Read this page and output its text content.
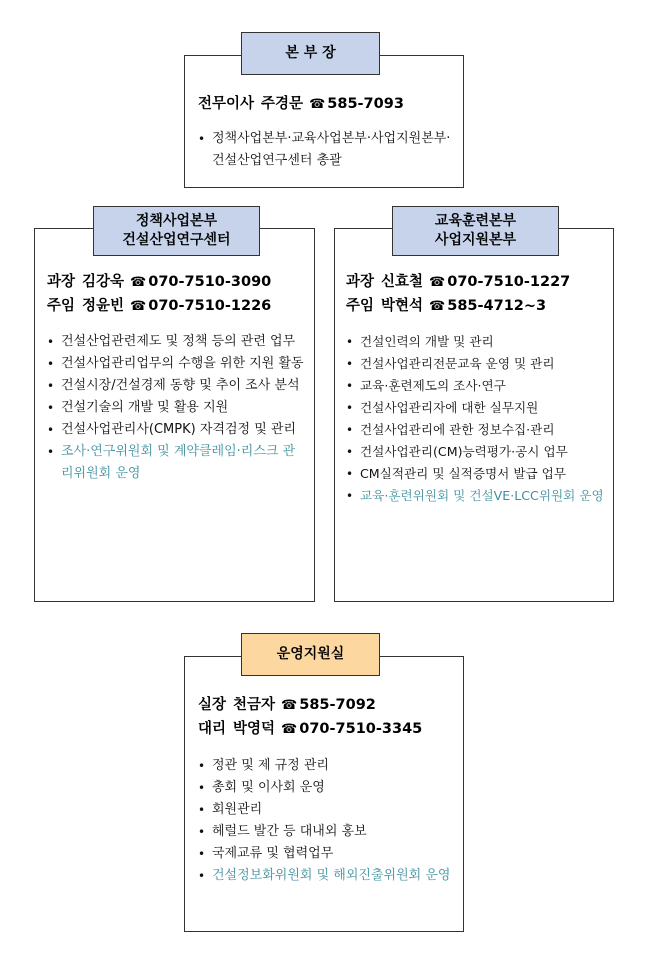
본 부 장
전무이사 주경문 ☎ 585-7093
• 정책사업본부·교육사업본부·사업지원본부·건설산업연구센터 총괄
정책사업본부
건설산업연구센터
과장 김강욱 ☎ 070-7510-3090
주임 정윤빈 ☎ 070-7510-1226
• 건설산업관련제도 및 정책 등의 관련 업무
• 건설사업관리업무의 수행을 위한 지원 활동
• 건설시장/건설경제 동향 및 추이 조사 분석
• 건설기술의 개발 및 활용 지원
• 건설사업관리사(CMPK) 자격검정 및 관리
• 조사·연구위원회 및 계약클레임·리스크 관리위원회 운영
교육훈련본부
사업지원본부
과장 신효철 ☎ 070-7510-1227
주임 박현석 ☎ 585-4712~3
• 건설인력의 개발 및 관리
• 건설사업관리전문교육 운영 및 관리
• 교육·훈련제도의 조사·연구
• 건설사업관리자에 대한 실무지원
• 건설사업관리에 관한 정보수집·관리
• 건설사업관리(CM)능력평가·공시 업무
• CM실적관리 및 실적증명서 발급 업무
• 교육·훈련위원회 및 건설VE·LCC위원회 운영
운영지원실
실장 천금자 ☎ 585-7092
대리 박영덕 ☎ 070-7510-3345
• 정관 및 제 규정 관리
• 총회 및 이사회 운영
• 회원관리
• 헤럴드 발간 등 대내외 홍보
• 국제교류 및 협력업무
• 건설정보화위원회 및 해외진출위원회 운영
